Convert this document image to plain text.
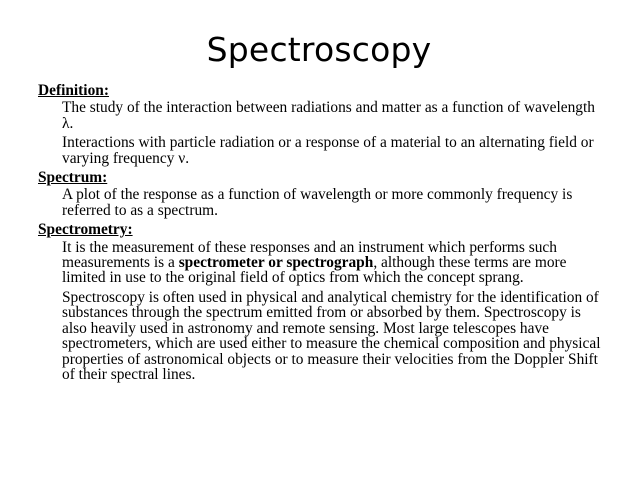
Spectroscopy
Definition:
The study of the interaction between radiations and matter as a function of wavelength λ.
Interactions with particle radiation or a response of a material to an alternating field or varying frequency ν.
Spectrum:
A plot of the response as a function of wavelength or more commonly frequency is referred to as a spectrum.
Spectrometry:
It is the measurement of these responses and an instrument which performs such measurements is a spectrometer or spectrograph, although these terms are more limited in use to the original field of optics from which the concept sprang.
Spectroscopy is often used in physical and analytical chemistry for the identification of substances through the spectrum emitted from or absorbed by them. Spectroscopy is also heavily used in astronomy and remote sensing. Most large telescopes have spectrometers, which are used either to measure the chemical composition and physical properties of astronomical objects or to measure their velocities from the Doppler Shift of their spectral lines.
